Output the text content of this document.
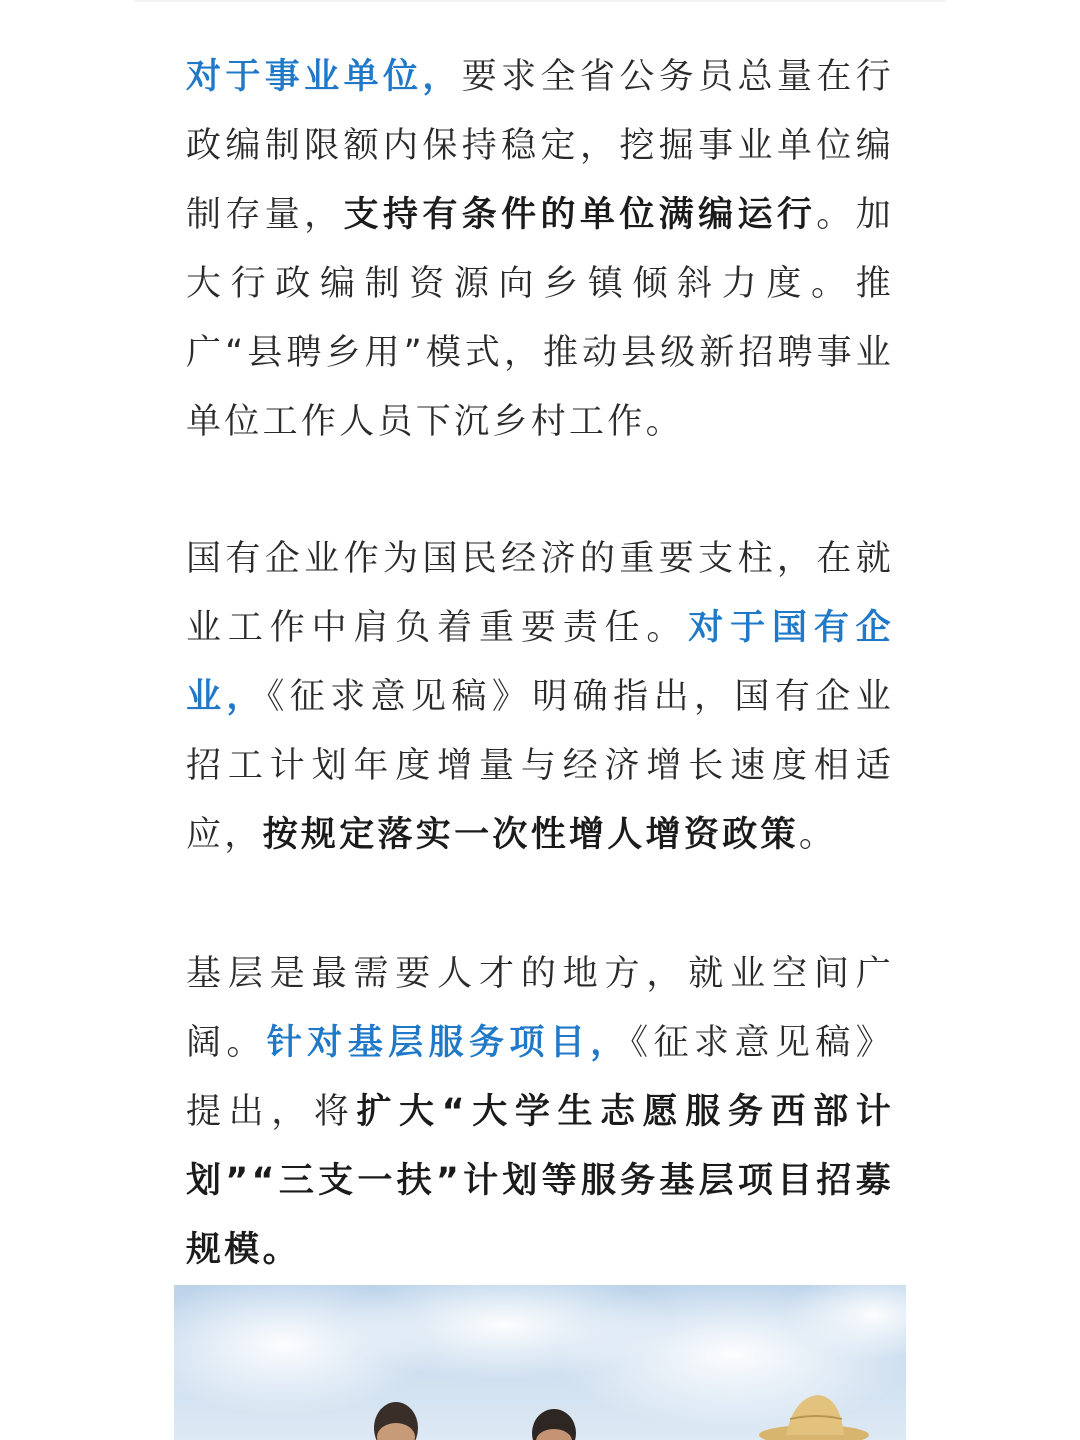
对于事业单位，要求全省公务员总量在行政编制限额内保持稳定，挖掘事业单位编制存量，支持有条件的单位满编运行。加大行政编制资源向乡镇倾斜力度。推广“县聘乡用”模式，推动县级新招聘事业单位工作人员下沉乡村工作。

国有企业作为国民经济的重要支柱，在就业工作中肩负着重要责任。对于国有企业，《征求意见稿》明确指出，国有企业招工计划年度增量与经济增长速度相适应，按规定落实一次性增人增资政策。

基层是最需要人才的地方，就业空间广阔。针对基层服务项目，《征求意见稿》提出，将扩大“大学生志愿服务西部计划”“三支一扶”计划等服务基层项目招募规模。
